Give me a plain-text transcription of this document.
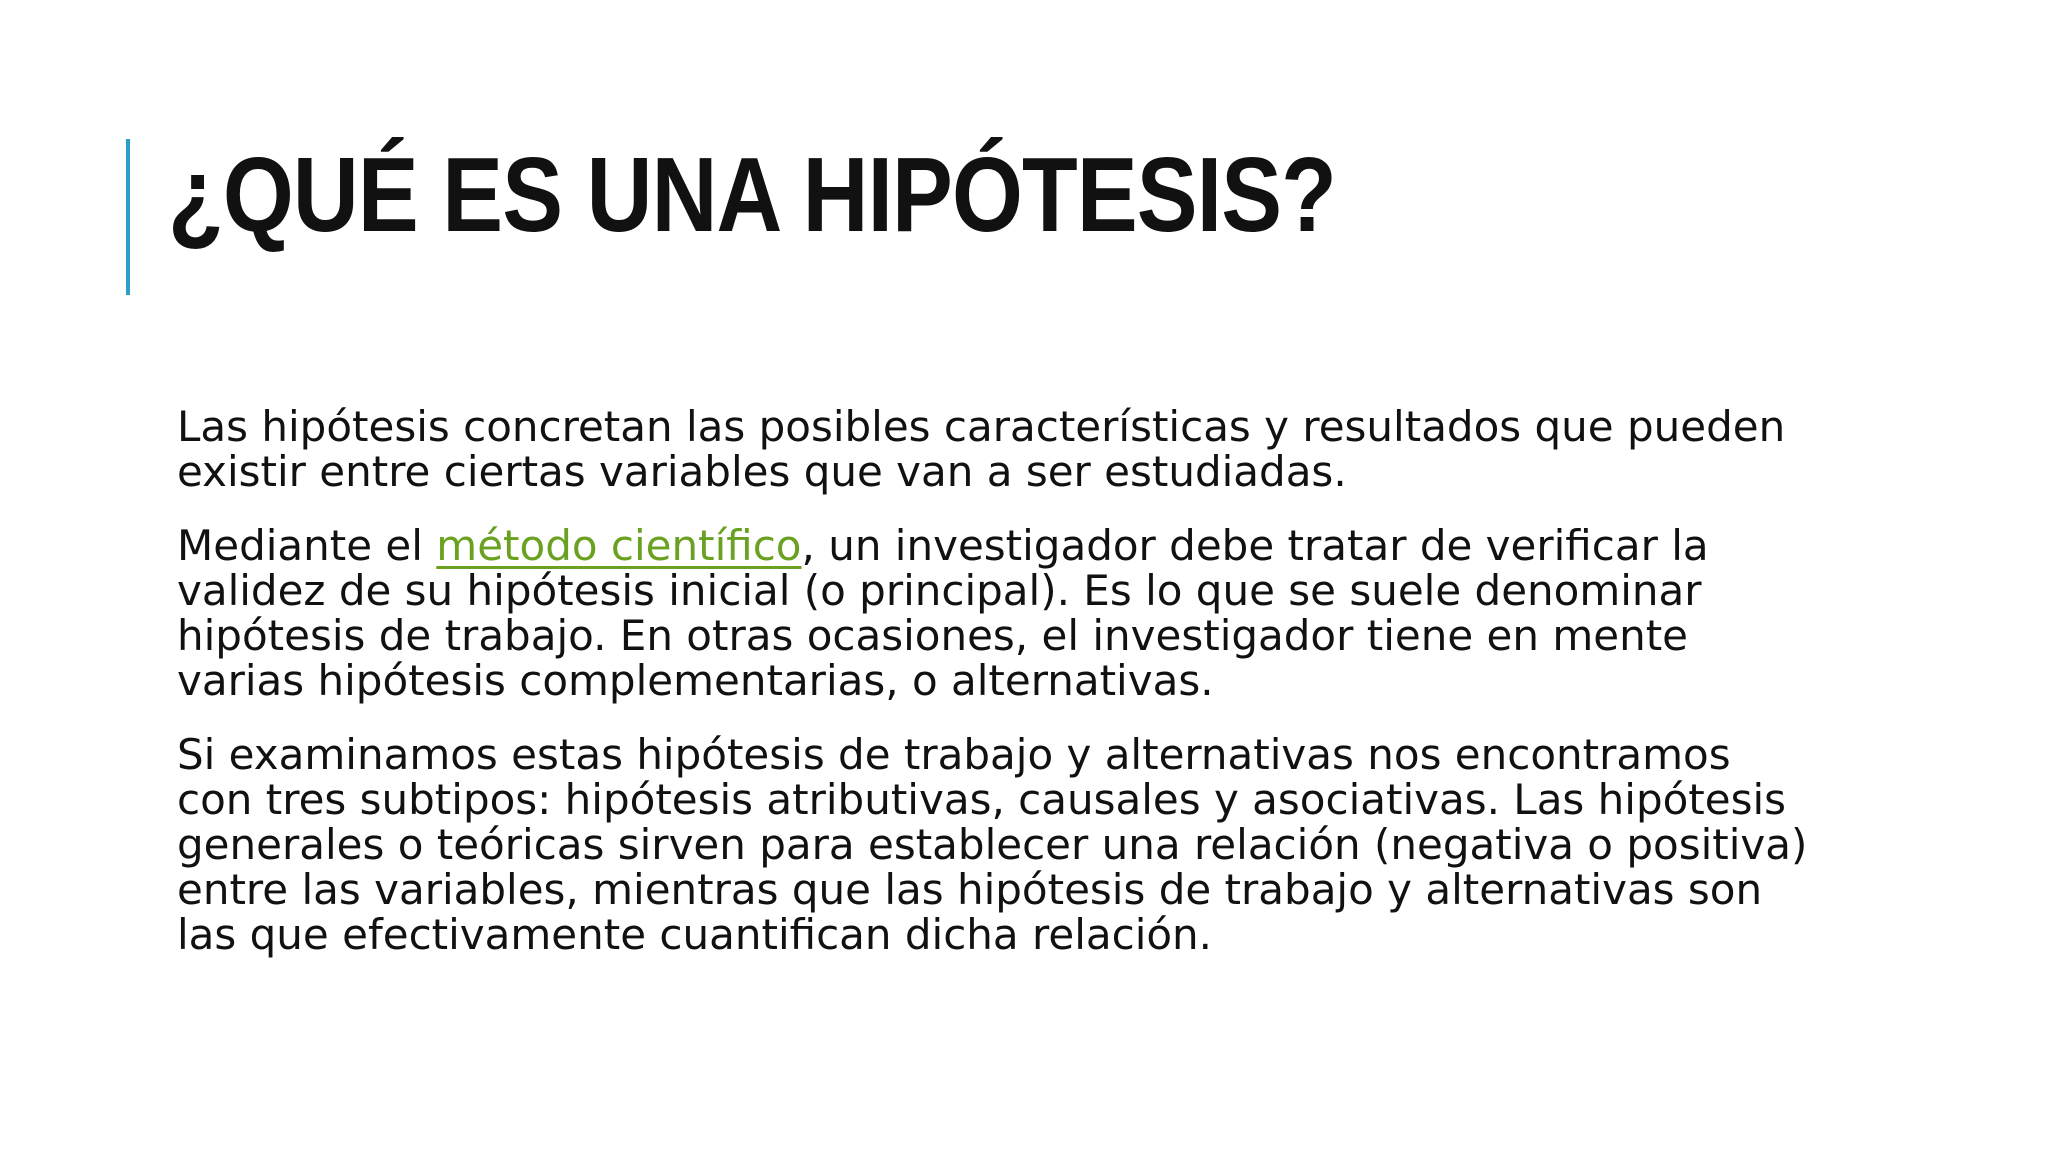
¿QUÉ ES UNA HIPÓTESIS?

Las hipótesis concretan las posibles características y resultados que pueden existir entre ciertas variables que van a ser estudiadas.

Mediante el método científico, un investigador debe tratar de verificar la validez de su hipótesis inicial (o principal). Es lo que se suele denominar hipótesis de trabajo. En otras ocasiones, el investigador tiene en mente varias hipótesis complementarias, o alternativas.

Si examinamos estas hipótesis de trabajo y alternativas nos encontramos con tres subtipos: hipótesis atributivas, causales y asociativas. Las hipótesis generales o teóricas sirven para establecer una relación (negativa o positiva) entre las variables, mientras que las hipótesis de trabajo y alternativas son las que efectivamente cuantifican dicha relación.
